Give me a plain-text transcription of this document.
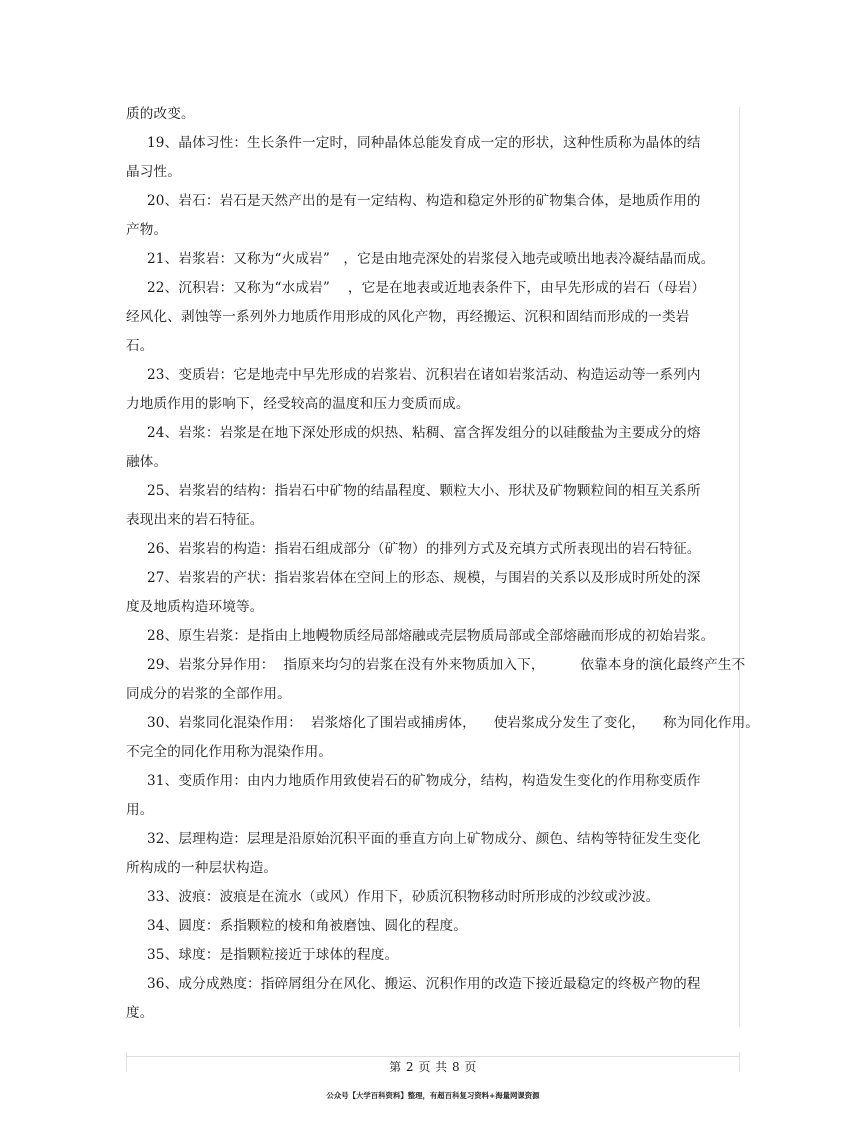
质的改变。
19、晶体习性：生长条件一定时，同种晶体总能发育成一定的形状，这种性质称为晶体的结
晶习性。
20、岩石：岩石是天然产出的是有一定结构、构造和稳定外形的矿物集合体，是地质作用的
产物。
21、岩浆岩：又称为“火成岩”   ，它是由地壳深处的岩浆侵入地壳或喷出地表冷凝结晶而成。
22、沉积岩：又称为“水成岩”    ，它是在地表或近地表条件下，由早先形成的岩石（母岩）
经风化、剥蚀等一系列外力地质作用形成的风化产物，再经搬运、沉积和固结而形成的一类岩
石。
23、变质岩：它是地壳中早先形成的岩浆岩、沉积岩在诸如岩浆活动、构造运动等一系列内
力地质作用的影响下，经受较高的温度和压力变质而成。
24、岩浆：岩浆是在地下深处形成的炽热、粘稠、富含挥发组分的以硅酸盐为主要成分的熔
融体。
25、岩浆岩的结构：指岩石中矿物的结晶程度、颗粒大小、形状及矿物颗粒间的相互关系所
表现出来的岩石特征。
26、岩浆岩的构造：指岩石组成部分（矿物）的排列方式及充填方式所表现出的岩石特征。
27、岩浆岩的产状：指岩浆岩体在空间上的形态、规模，与围岩的关系以及形成时所处的深
度及地质构造环境等。
28、原生岩浆：是指由上地幔物质经局部熔融或壳层物质局部或全部熔融而形成的初始岩浆。
29、岩浆分异作用：  指原来均匀的岩浆在没有外来物质加入下，        依靠本身的演化最终产生不
同成分的岩浆的全部作用。
30、岩浆同化混染作用：  岩浆熔化了围岩或捕虏体，    使岩浆成分发生了变化，    称为同化作用。
不完全的同化作用称为混染作用。
31、变质作用：由内力地质作用致使岩石的矿物成分，结构，构造发生变化的作用称变质作
用。
32、层理构造：层理是沿原始沉积平面的垂直方向上矿物成分、颜色、结构等特征发生变化
所构成的一种层状构造。
33、波痕：波痕是在流水（或风）作用下，砂质沉积物移动时所形成的沙纹或沙波。
34、圆度：系指颗粒的棱和角被磨蚀、圆化的程度。
35、球度：是指颗粒接近于球体的程度。
36、成分成熟度：指碎屑组分在风化、搬运、沉积作用的改造下接近最稳定的终极产物的程
度。
第 2 页 共 8 页
公众号【大学百科资料】整理，有超百科复习资料+海量网课资源
